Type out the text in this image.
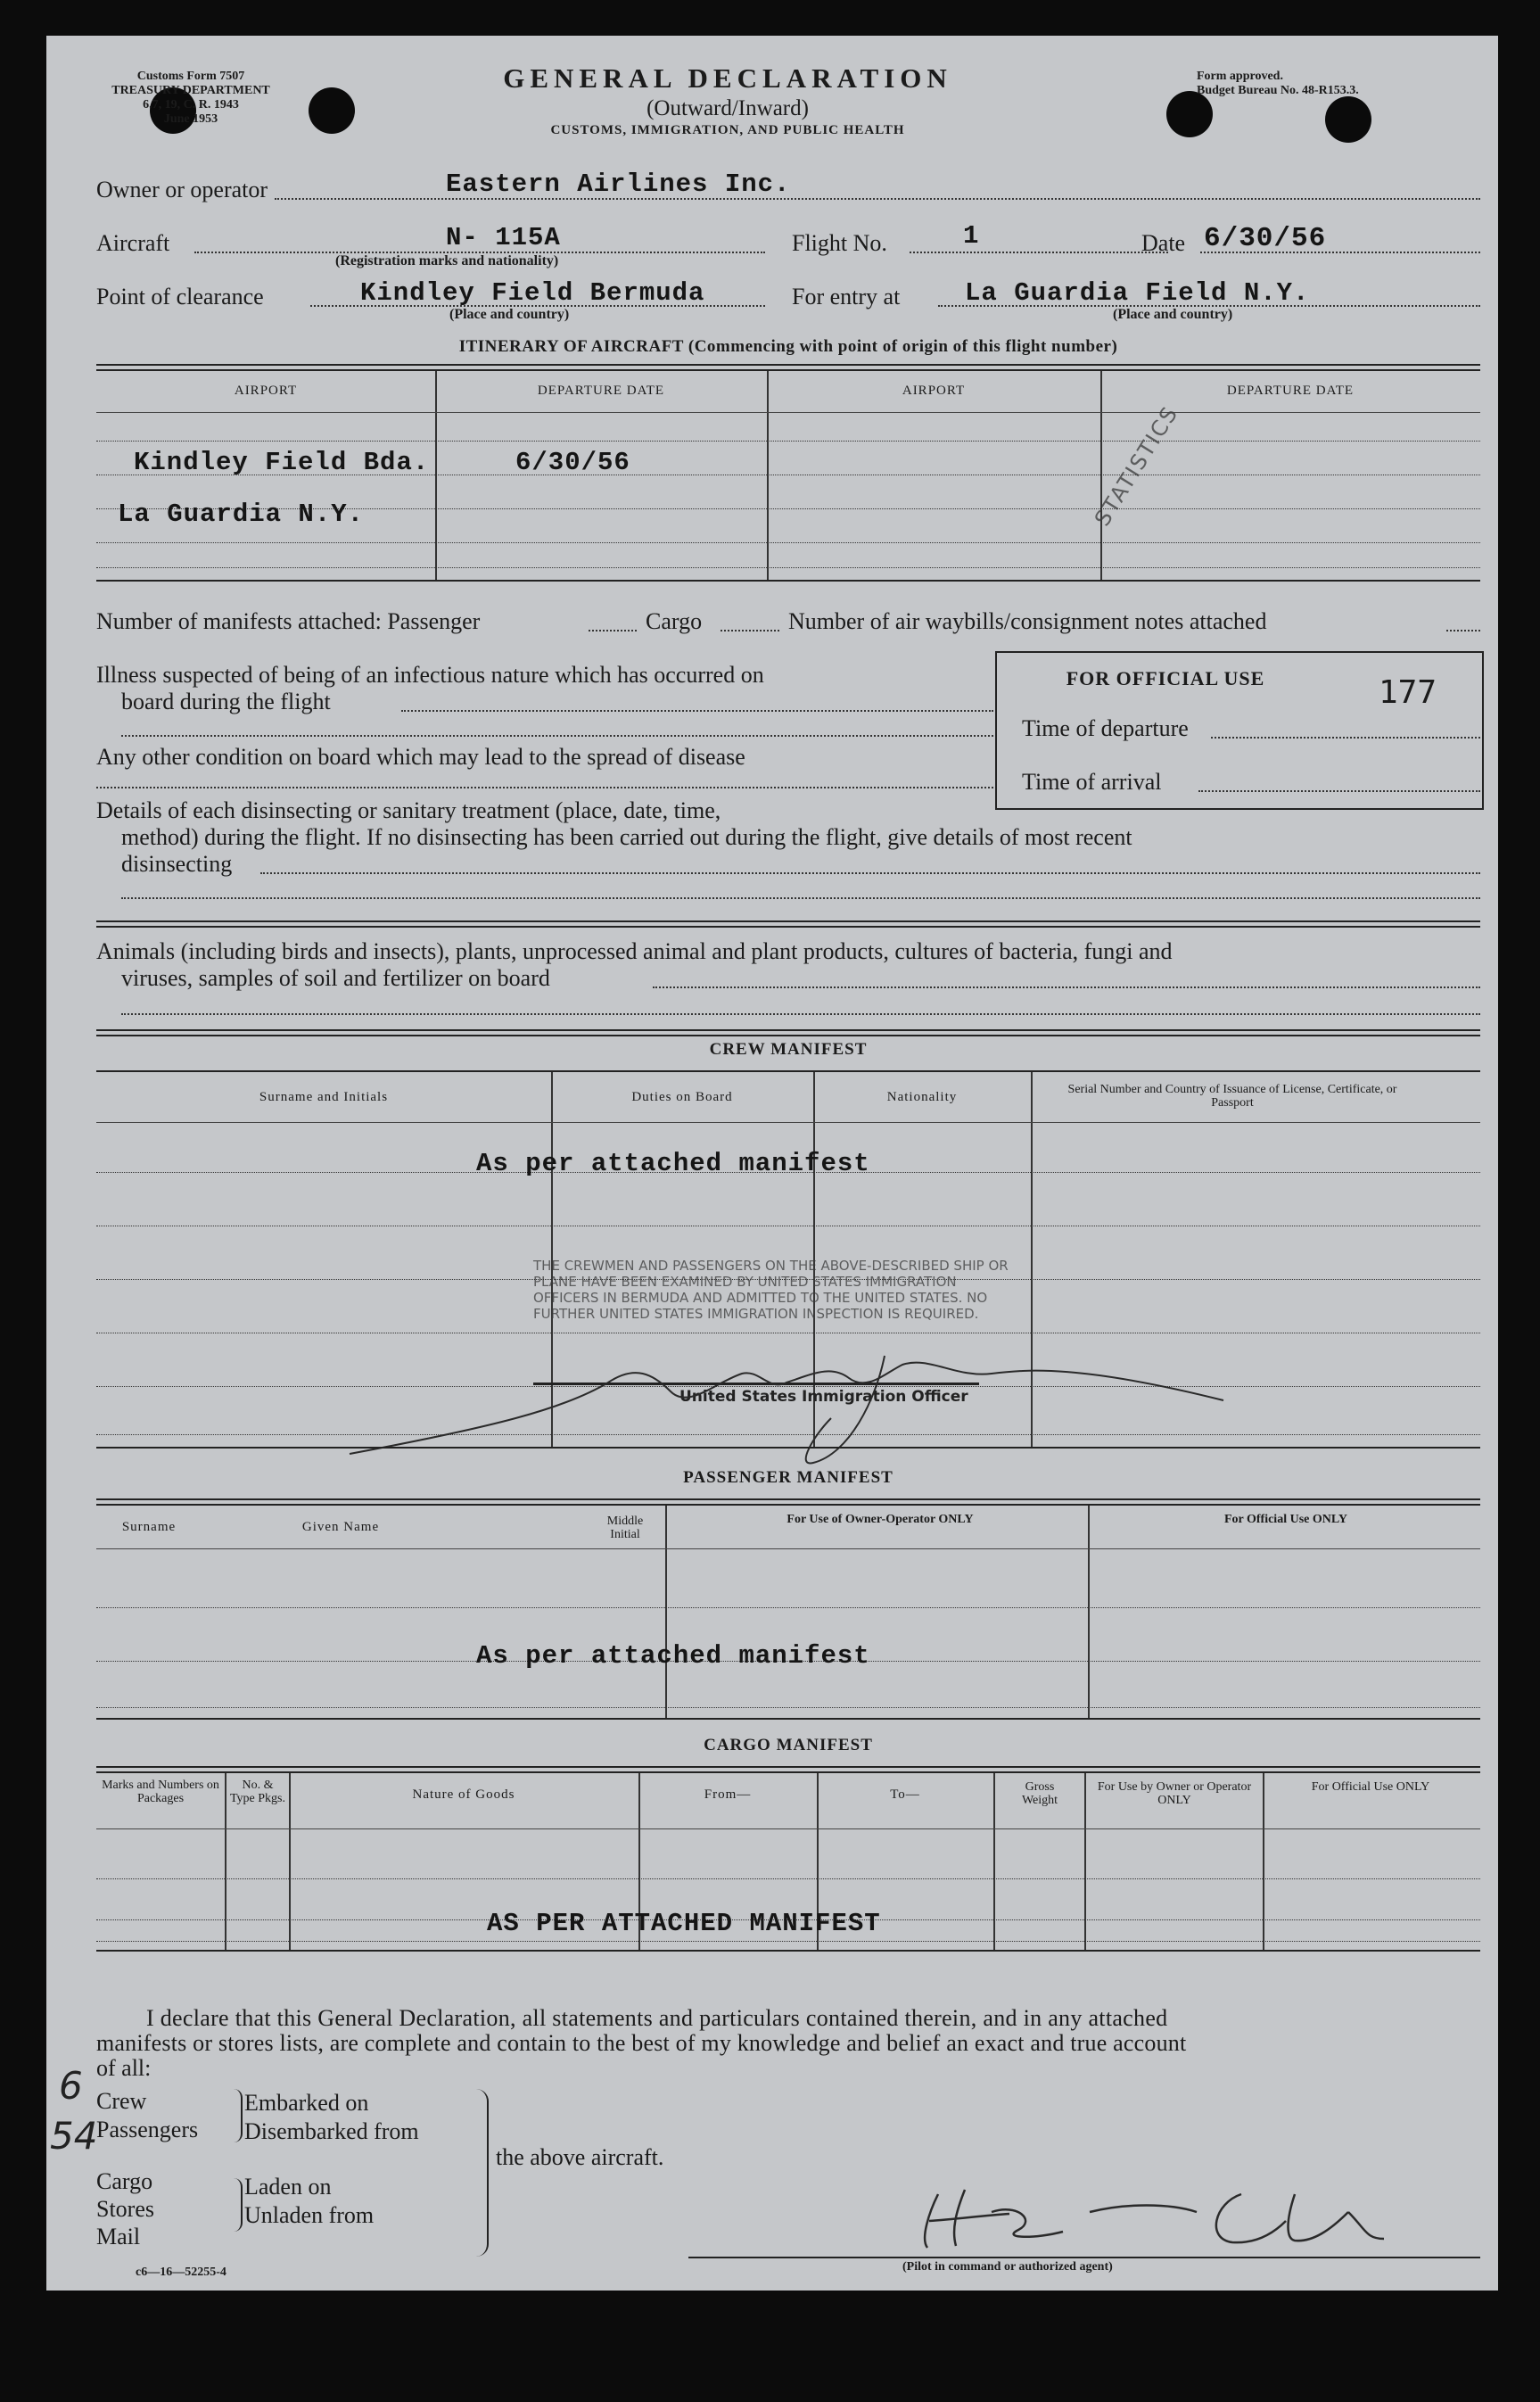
Customs Form 7507
TREASURY DEPARTMENT
6.7, 19, C. R. 1943
June 1953
GENERAL DECLARATION
(Outward/Inward)
CUSTOMS, IMMIGRATION, AND PUBLIC HEALTH
Form approved.
Budget Bureau No. 48-R153.3.
Owner or operator	Eastern Airlines Inc.
Aircraft	N- 115A
(Registration marks and nationality)
Flight No.	1	Date 6/30/56
Point of clearance	Kindley Field Bermuda
(Place and country)
For entry at	La Guardia Field N.Y.
(Place and country)
ITINERARY OF AIRCRAFT (Commencing with point of origin of this flight number)
AIRPORT	DEPARTURE DATE	AIRPORT	DEPARTURE DATE
Kindley Field Bda.	6/30/56
La Guardia N.Y.	STATISTICS
Number of manifests attached: Passenger	Cargo	Number of air waybills/consignment notes attached
Illness suspected of being of an infectious nature which has occurred on
board during the flight
Any other condition on board which may lead to the spread of disease
Details of each disinsecting or sanitary treatment (place, date, time,
method) during the flight. If no disinsecting has been carried out during the flight, give details of most recent
disinsecting
Animals (including birds and insects), plants, unprocessed animal and plant products, cultures of bacteria, fungi and
viruses, samples of soil and fertilizer on board
FOR OFFICIAL USE	177
Time of departure
Time of arrival
CREW MANIFEST
Surname and Initials	Duties on Board	Nationality
Serial Number and Country of Issuance of License, Certificate, or Passport
As per attached manifest
THE CREWMEN AND PASSENGERS ON THE ABOVE-DESCRIBED SHIP OR
PLANE HAVE BEEN EXAMINED BY UNITED STATES IMMIGRATION
OFFICERS IN BERMUDA AND ADMITTED TO THE UNITED STATES. NO
FURTHER UNITED STATES IMMIGRATION INSPECTION IS REQUIRED.
United States Immigration Officer
PASSENGER MANIFEST
Surname	Given Name	Middle Initial
For Use of Owner-Operator ONLY	For Official Use ONLY
As per attached manifest
CARGO MANIFEST
Marks and Numbers on Packages
No. & Type Pkgs.	Nature of Goods	From—	To—
Gross Weight
For Use by Owner or Operator ONLY
For Official Use ONLY
AS PER ATTACHED MANIFEST
I declare that this General Declaration, all statements and particulars contained therein, and in any attached
manifests or stores lists, are complete and contain to the best of my knowledge and belief an exact and true account
of all:
Crew
Passengers
Cargo
Stores
Mail
Embarked on
Disembarked from
Laden on
Unladen from
the above aircraft.
6
54
(Pilot in command or authorized agent)
c6—16—52255-4
